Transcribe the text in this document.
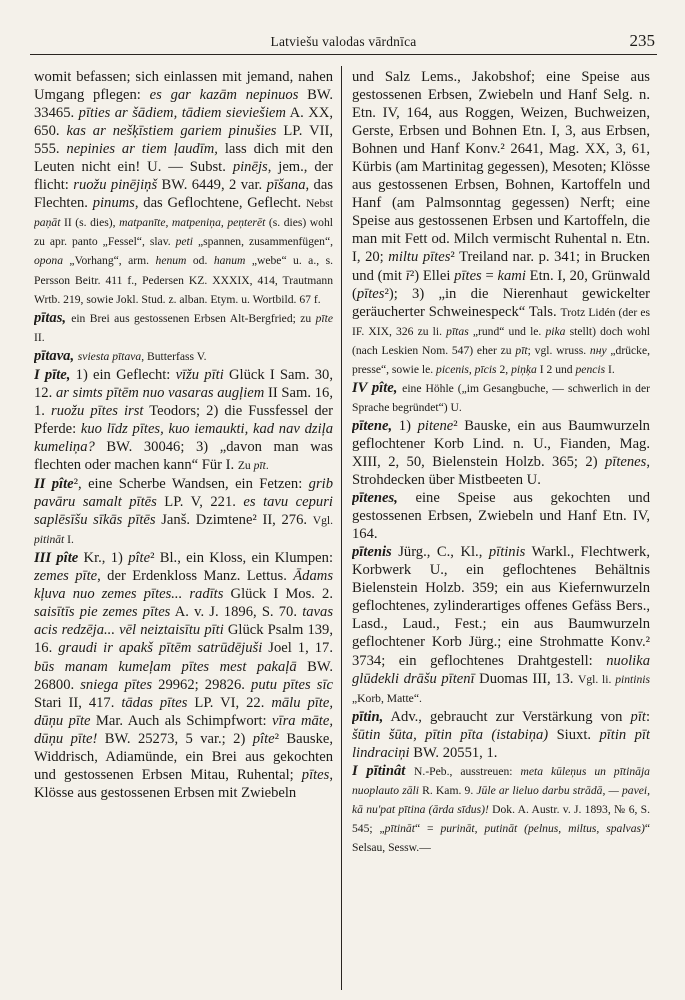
Latviešu valodas vārdnīca	235

womit befassen; sich einlassen mit jemand, nahen Umgang pflegen: es gar kazām nepinuos BW. 33465. pīties ar šādiem, tādiem sieviešiem A. XX, 650. kas ar nešķīstiem gariem pinušies LP. VII, 555. nepinies ar tiem ļaudīm, lass dich mit den Leuten nicht ein! U. — Subst. pinējs, jem., der flicht: ruožu pinējiņš BW. 6449, 2 var. pīšana, das Flechten. pinums, das Geflochtene, Geflecht. Nebst paņāt II (s. dies), matpanīte, matpeniņa, peņterēt (s. dies) wohl zu apr. panto „Fessel“, slav. peti „spannen, zusammenfügen“, opona „Vorhang“, arm. henum od. hanum „webe“ u. a., s. Persson Beitr. 411 f., Pedersen KZ. XXXIX, 414, Trautmann Wrtb. 219, sowie Jokl. Stud. z. alban. Etym. u. Wortbild. 67 f.

pītas, ein Brei aus gestossenen Erbsen Alt-Bergfried; zu pīte II.

pītava, sviesta pītava, Butterfass V.

I pīte, 1) ein Geflecht: vīžu pīti Glück I Sam. 30, 12. ar simts pītēm nuo vasaras augļiem II Sam. 16, 1. ruožu pītes irst Teodors; 2) die Fussfessel der Pferde: kuo līdz pītes, kuo iemaukti, kad nav dziļa kumeliņa? BW. 30046; 3) „davon man was flechten oder machen kann“ Für I. Zu pīt.

II pîte², eine Scherbe Wandsen, ein Fetzen: grib pavāru samalt pītēs LP. V, 221. es tavu cepuri saplēsīšu sīkās pītēs Janš. Dzimtene² II, 276. Vgl. pitināt I.

III pîte Kr., 1) pîte² Bl., ein Kloss, ein Klumpen: zemes pīte, der Erdenkloss Manz. Lettus. Ādams kļuva nuo zemes pītes... radīts Glück I Mos. 2. saisītīs pie zemes pītes A. v. J. 1896, S. 70. tavas acis redzēja... vēl neiztaisītu pīti Glück Psalm 139, 16. graudi ir apakš pītēm satrūdējuši Joel 1, 17. būs manam kumeļam pītes mest pakaļā BW. 26800. sniega pītes 29962; 29826. putu pītes sīc Stari II, 417. tādas pītes LP. VI, 22. mālu pīte, dūņu pīte Mar. Auch als Schimpfwort: vīra māte, dūņu pīte! BW. 25273, 5 var.; 2) pîte² Bauske, Widdrisch, Adiamünde, ein Brei aus gekochten und gestossenen Erbsen Mitau, Ruhental; pītes, Klösse aus gestossenen Erbsen mit Zwiebeln

und Salz Lems., Jakobshof; eine Speise aus gestossenen Erbsen, Zwiebeln und Hanf Selg. n. Etn. IV, 164, aus Roggen, Weizen, Buchweizen, Gerste, Erbsen und Bohnen Etn. I, 3, aus Erbsen, Bohnen und Hanf Konv.² 2641, Mag. XX, 3, 61, Kürbis (am Martinitag gegessen), Mesoten; Klösse aus gestossenen Erbsen, Bohnen, Kartoffeln und Hanf (am Palmsonntag gegessen) Nerft; eine Speise aus gestossenen Erbsen und Kartoffeln, die man mit Fett od. Milch vermischt Ruhental n. Etn. I, 20; miltu pītes² Treiland nar. p. 341; in Brucken und (mit ī²) Ellei pītes = kami Etn. I, 20, Grünwald (pītes²); 3) „in die Nierenhaut gewickelter geräucherter Schweinespeck“ Tals. Trotz Lidén (der es IF. XIX, 326 zu li. pītas „rund“ und le. pika stellt) doch wohl (nach Leskien Nom. 547) eher zu pīt; vgl. wruss. пну „drücke, presse“, sowie le. picenis, pīcis 2, piņķa I 2 und pencis I.

IV pîte, eine Höhle („im Gesangbuche, — schwerlich in der Sprache begründet“) U.

pītene, 1) pitene² Bauske, ein aus Baumwurzeln geflochtener Korb Lind. n. U., Fianden, Mag. XIII, 2, 50, Bielenstein Holzb. 365; 2) pītenes, Strohdecken über Mistbeeten U.

pītenes, eine Speise aus gekochten und gestossenen Erbsen, Zwiebeln und Hanf Etn. IV, 164.

pītenis Jürg., C., Kl., pītinis Warkl., Flechtwerk, Korbwerk U., ein geflochtenes Behältnis Bielenstein Holzb. 359; ein aus Kiefernwurzeln geflochtenes, zylinderartiges offenes Gefäss Bers., Lasd., Laud., Fest.; ein aus Baumwurzeln geflochtener Korb Jürg.; eine Strohmatte Konv.² 3734; ein geflochtenes Drahtgestell: nuolika glūdekli drāšu pītenī Duomas III, 13. Vgl. li. pintinis „Korb, Matte“.

pītin, Adv., gebraucht zur Verstärkung von pīt: šūtin šūta, pītin pīta (istabiņa) Siuxt. pītin pīt lindraciņi BW. 20551, 1.

I pītinât N.-Peb., ausstreuen: meta kūleņus un pītināja nuoplauto zāli R. Kam. 9. Jūle ar lieluo darbu strādā, — pavei, kā nu'pat pītina (ārda sīdus)! Dok. A. Austr. v. J. 1893, № 6, S. 545; „pītināt“ = purināt, putināt (pelnus, miltus, spalvas)“ Selsau, Sessw.—
